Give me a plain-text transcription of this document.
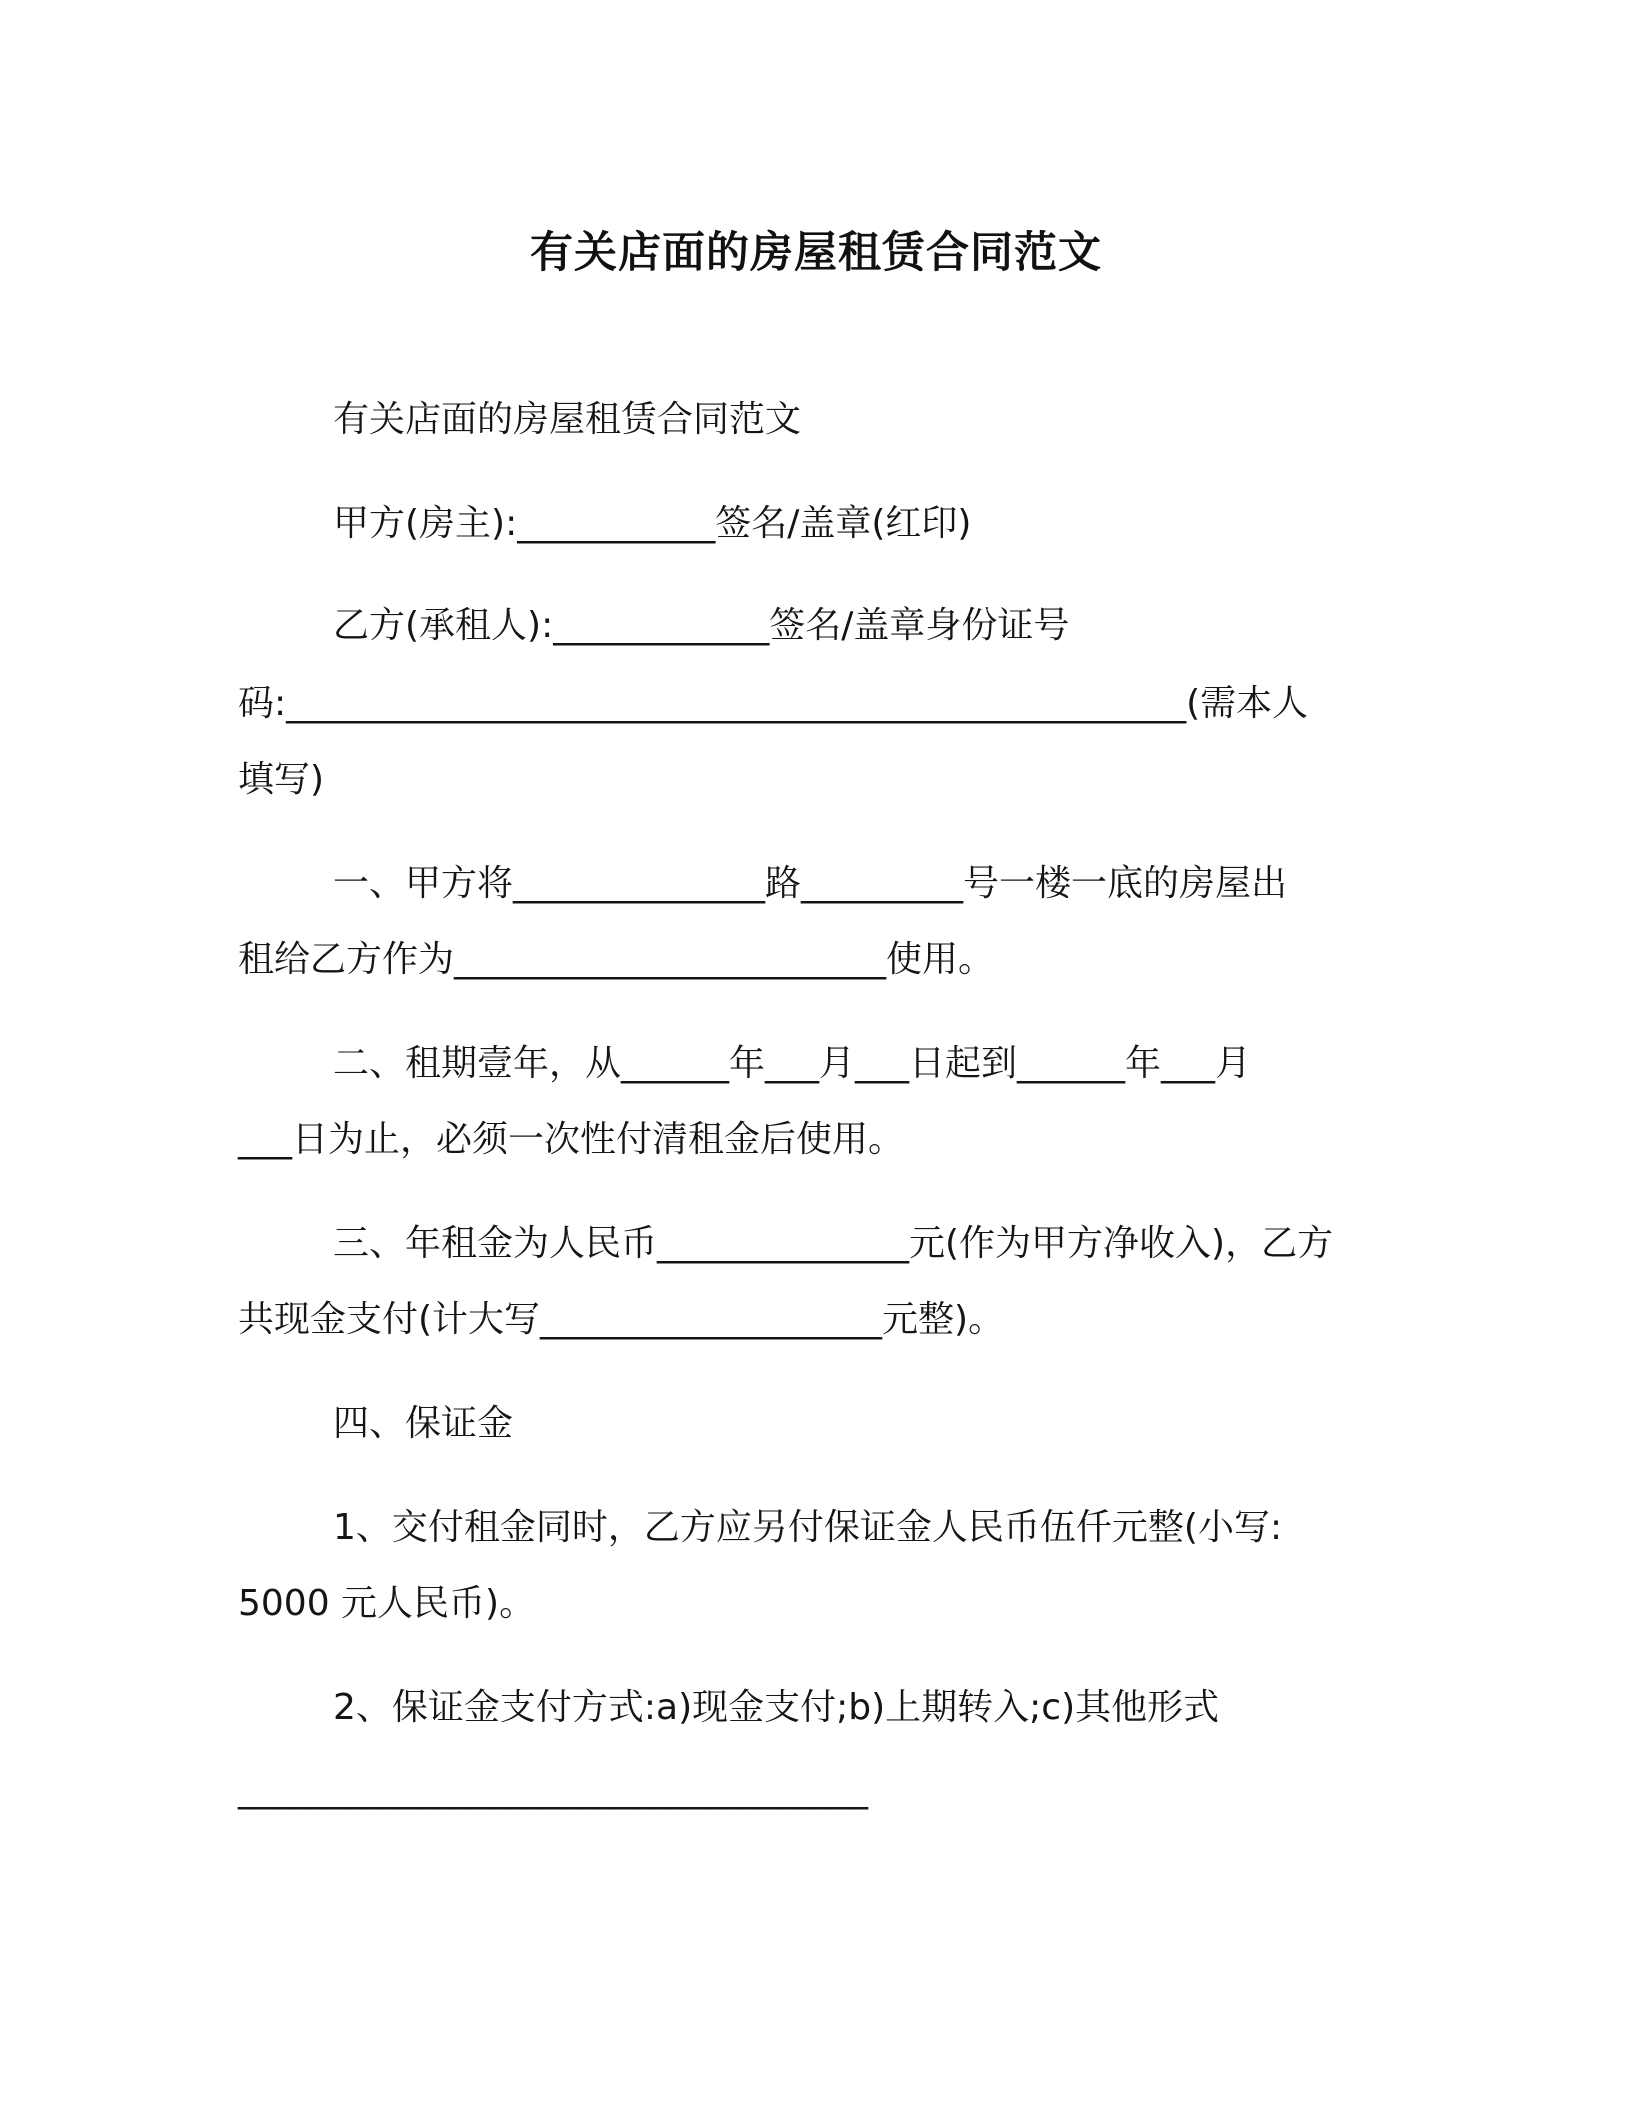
有关店面的房屋租赁合同范文
有关店面的房屋租赁合同范文
甲方(房主):___________签名/盖章(红印)
乙方(承租人):____________签名/盖章身份证号
码:__________________________________________________(需本人
填写)
一、甲方将______________路_________号一楼一底的房屋出
租给乙方作为________________________使用。
二、租期壹年，从______年___月___日起到______年___月
___日为止，必须一次性付清租金后使用。
三、年租金为人民币______________元(作为甲方净收入)，乙方
共现金支付(计大写___________________元整)。
四、保证金
1、交付租金同时，乙方应另付保证金人民币伍仟元整(小写:
5000 元人民币)。
2、保证金支付方式:a)现金支付;b)上期转入;c)其他形式
___________________________________
